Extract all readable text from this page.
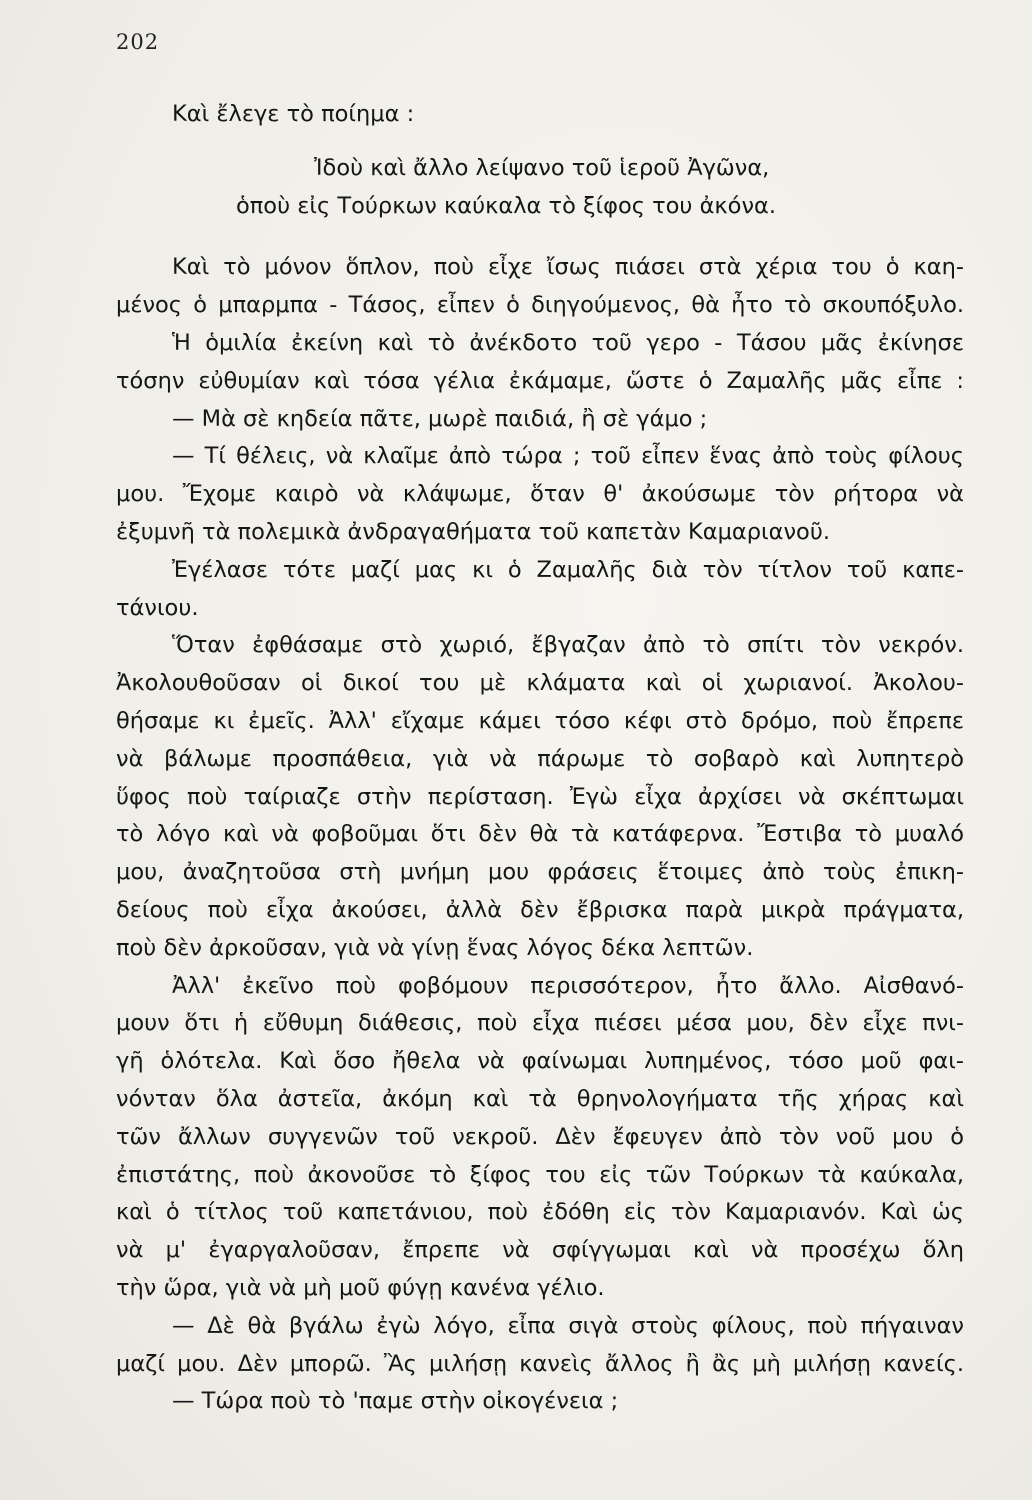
202
Καὶ ἔλεγε τὸ ποίημα :
Ἰδοὺ καὶ ἄλλο λείψανο τοῦ ἱεροῦ Ἀγῶνα,
ὁποὺ εἰς Τούρκων καύκαλα τὸ ξίφος του ἀκόνα.
Καὶ τὸ μόνον ὅπλον, ποὺ εἶχε ἴσως πιάσει στὰ χέρια του ὁ καη-
μένος ὁ μπαρμπα - Τάσος, εἶπεν ὁ διηγούμενος, θὰ ἦτο τὸ σκουπόξυλο.
Ἡ ὁμιλία ἐκείνη καὶ τὸ ἀνέκδοτο τοῦ γερο - Τάσου μᾶς ἐκίνησε
τόσην εὐθυμίαν καὶ τόσα γέλια ἐκάμαμε, ὥστε ὁ Ζαμαλῆς μᾶς εἶπε :
— Μὰ σὲ κηδεία πᾶτε, μωρὲ παιδιά, ἢ σὲ γάμο ;
— Τί θέλεις, νὰ κλαῖμε ἀπὸ τώρα ; τοῦ εἶπεν ἕνας ἀπὸ τοὺς φίλους
μου. Ἔχομε καιρὸ νὰ κλάψωμε, ὅταν θ' ἀκούσωμε τὸν ρήτορα νὰ
ἐξυμνῆ τὰ πολεμικὰ ἀνδραγαθήματα τοῦ καπετὰν Καμαριανοῦ.
Ἐγέλασε τότε μαζί μας κι ὁ Ζαμαλῆς διὰ τὸν τίτλον τοῦ καπε-
τάνιου.
Ὅταν ἐφθάσαμε στὸ χωριό, ἔβγαζαν ἀπὸ τὸ σπίτι τὸν νεκρόν.
Ἀκολουθοῦσαν οἱ δικοί του μὲ κλάματα καὶ οἱ χωριανοί. Ἀκολου-
θήσαμε κι ἐμεῖς. Ἀλλ' εἴχαμε κάμει τόσο κέφι στὸ δρόμο, ποὺ ἔπρεπε
νὰ βάλωμε προσπάθεια, γιὰ νὰ πάρωμε τὸ σοβαρὸ καὶ λυπητερὸ
ὕφος ποὺ ταίριαζε στὴν περίσταση. Ἐγὼ εἶχα ἀρχίσει νὰ σκέπτωμαι
τὸ λόγο καὶ νὰ φοβοῦμαι ὅτι δὲν θὰ τὰ κατάφερνα. Ἔστιβα τὸ μυαλό
μου, ἀναζητοῦσα στὴ μνήμη μου φράσεις ἕτοιμες ἀπὸ τοὺς ἐπικη-
δείους ποὺ εἶχα ἀκούσει, ἀλλὰ δὲν ἔβρισκα παρὰ μικρὰ πράγματα,
ποὺ δὲν ἀρκοῦσαν, γιὰ νὰ γίνῃ ἕνας λόγος δέκα λεπτῶν.
Ἀλλ' ἐκεῖνο ποὺ φοβόμουν περισσότερον, ἦτο ἄλλο. Αἰσθανό-
μουν ὅτι ἡ εὔθυμη διάθεσις, ποὺ εἶχα πιέσει μέσα μου, δὲν εἶχε πνι-
γῆ ὁλότελα. Καὶ ὅσο ἤθελα νὰ φαίνωμαι λυπημένος, τόσο μοῦ φαι-
νόνταν ὅλα ἀστεῖα, ἀκόμη καὶ τὰ θρηνολογήματα τῆς χήρας καὶ
τῶν ἄλλων συγγενῶν τοῦ νεκροῦ. Δὲν ἔφευγεν ἀπὸ τὸν νοῦ μου ὁ
ἐπιστάτης, ποὺ ἀκονοῦσε τὸ ξίφος του εἰς τῶν Τούρκων τὰ καύκαλα,
καὶ ὁ τίτλος τοῦ καπετάνιου, ποὺ ἐδόθη εἰς τὸν Καμαριανόν. Καὶ ὡς
νὰ μ' ἐγαργαλοῦσαν, ἔπρεπε νὰ σφίγγωμαι καὶ νὰ προσέχω ὅλη
τὴν ὥρα, γιὰ νὰ μὴ μοῦ φύγῃ κανένα γέλιο.
— Δὲ θὰ βγάλω ἐγὼ λόγο, εἶπα σιγὰ στοὺς φίλους, ποὺ πήγαιναν
μαζί μου. Δὲν μπορῶ. Ἂς μιλήσῃ κανεὶς ἄλλος ἢ ἂς μὴ μιλήσῃ κανείς.
— Τώρα ποὺ τὸ 'παμε στὴν οἰκογένεια ;
